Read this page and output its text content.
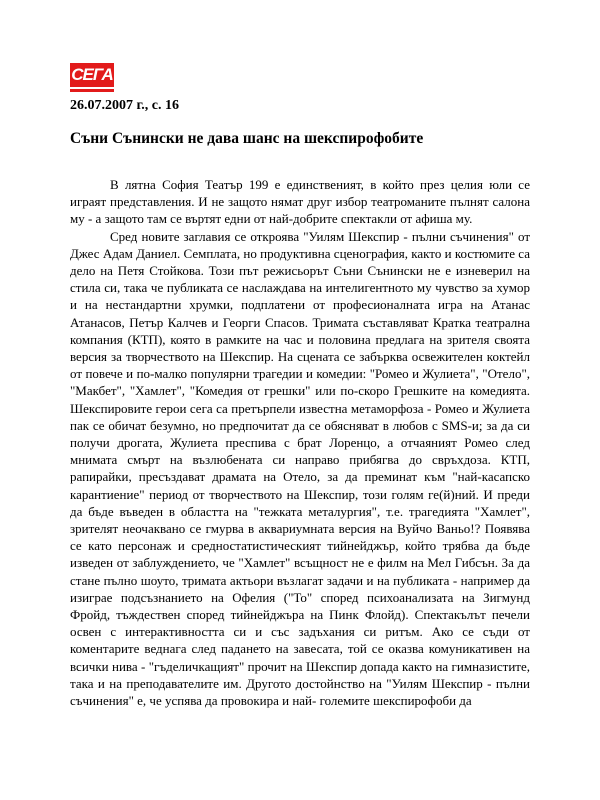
СЕГА
26.07.2007 г., с. 16
Съни Сънински не дава шанс на шекспирофобите

В лятна София Театър 199 е единственият, в който през целия юли се играят представления. И не защото нямат друг избор театроманите пълнят салона му - а защото там се въртят едни от най-добрите спектакли от афиша му.

Сред новите заглавия се откроява "Уилям Шекспир - пълни съчинения" от Джес Адам Даниел. Семплата, но продуктивна сценография, както и костюмите са дело на Петя Стойкова. Този път режисьорът Съни Сънински не е изневерил на стила си, така че публиката се наслаждава на интелигентното му чувство за хумор и на нестандартни хрумки, подплатени от професионалната игра на Атанас Атанасов, Петър Калчев и Георги Спасов. Тримата съставляват Кратка театрална компания (КТП), която в рамките на час и половина предлага на зрителя своята версия за творчеството на Шекспир. На сцената се забърква освежителен коктейл от повече и по-малко популярни трагедии и комедии: "Ромео и Жулиета", "Отело", "Макбет", "Хамлет", "Комедия от грешки" или по-скоро Грешките на комедията. Шекспировите герои сега са претърпели известна метаморфоза - Ромео и Жулиета пак се обичат безумно, но предпочитат да се обясняват в любов с SMS-и; за да си получи дрогата, Жулиета преспива с брат Лоренцо, а отчаяният Ромео след мнимата смърт на възлюбената си направо прибягва до свръхдоза. КТП, рапирайки, пресъздават драмата на Отело, за да преминат към "най-касапско карантиениe" период от творчеството на Шекспир, този голям ге(й)ний. И преди да бъде въведен в областта на "тежката металургия", т.е. трагедията "Хамлет", зрителят неочаквано се гмурва в аквариумната версия на Вуйчо Ваньо!? Появява се като персонаж и средностатистическият тийнейджър, който трябва да бъде изведен от заблуждението, че "Хамлет" всъщност не е филм на Мел Гибсън. За да стане пълно шоуто, тримата актьори възлагат задачи и на публиката - например да изиграе подсъзнанието на Офелия ("То" според психоанализата на Зигмунд Фройд, тъждествен според тийнейджъра на Пинк Флойд). Спектакълът печели освен с интерактивността си и със задъхания си ритъм. Ако се съди от коментарите веднага след падането на завесата, той се оказва комуникативен на всички нива - "гъделичкащият" прочит на Шекспир допада както на гимназистите, така и на преподавателите им. Другото достойнство на "Уилям Шекспир - пълни съчинения" е, че успява да провокира и най- големите шекспирофоби да
